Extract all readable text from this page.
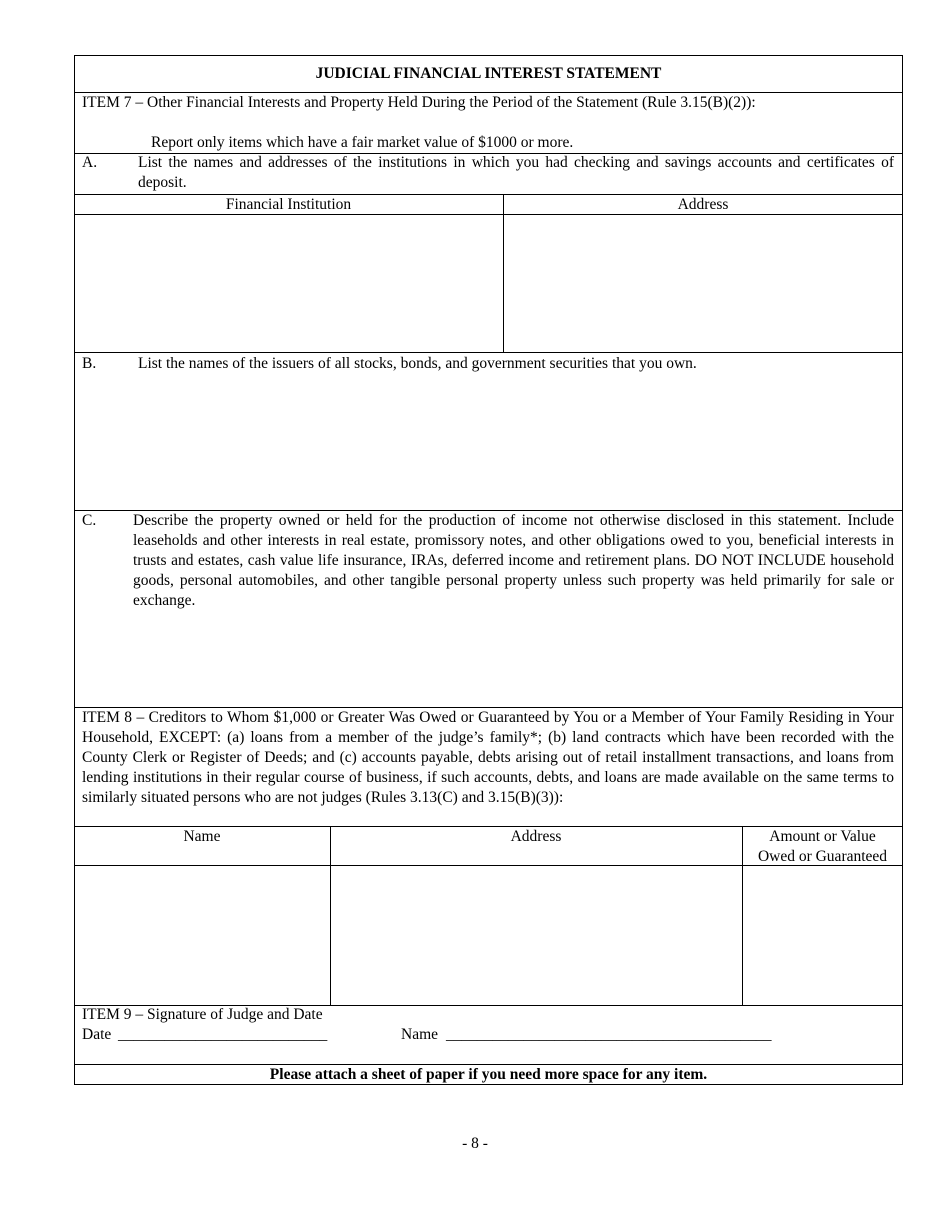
JUDICIAL FINANCIAL INTEREST STATEMENT
ITEM 7 – Other Financial Interests and Property Held During the Period of the Statement (Rule 3.15(B)(2)):
Report only items which have a fair market value of $1000 or more.
A.	List the names and addresses of the institutions in which you had checking and savings accounts and certificates of deposit.
Financial Institution	Address
B.	List the names of the issuers of all stocks, bonds, and government securities that you own.
C. Describe the property owned or held for the production of income not otherwise disclosed in this statement. Include leaseholds and other interests in real estate, promissory notes, and other obligations owed to you, beneficial interests in trusts and estates, cash value life insurance, IRAs, deferred income and retirement plans. DO NOT INCLUDE household goods, personal automobiles, and other tangible personal property unless such property was held primarily for sale or exchange.
ITEM 8 – Creditors to Whom $1,000 or Greater Was Owed or Guaranteed by You or a Member of Your Family Residing in Your Household, EXCEPT: (a) loans from a member of the judge’s family*; (b) land contracts which have been recorded with the County Clerk or Register of Deeds; and (c) accounts payable, debts arising out of retail installment transactions, and loans from lending institutions in their regular course of business, if such accounts, debts, and loans are made available on the same terms to similarly situated persons who are not judges (Rules 3.13(C) and 3.15(B)(3)):
Name	Address	Amount or Value
Owed or Guaranteed
ITEM 9 – Signature of Judge and Date
Date ___________________________	Name __________________________________________
Please attach a sheet of paper if you need more space for any item.
- 8 -
